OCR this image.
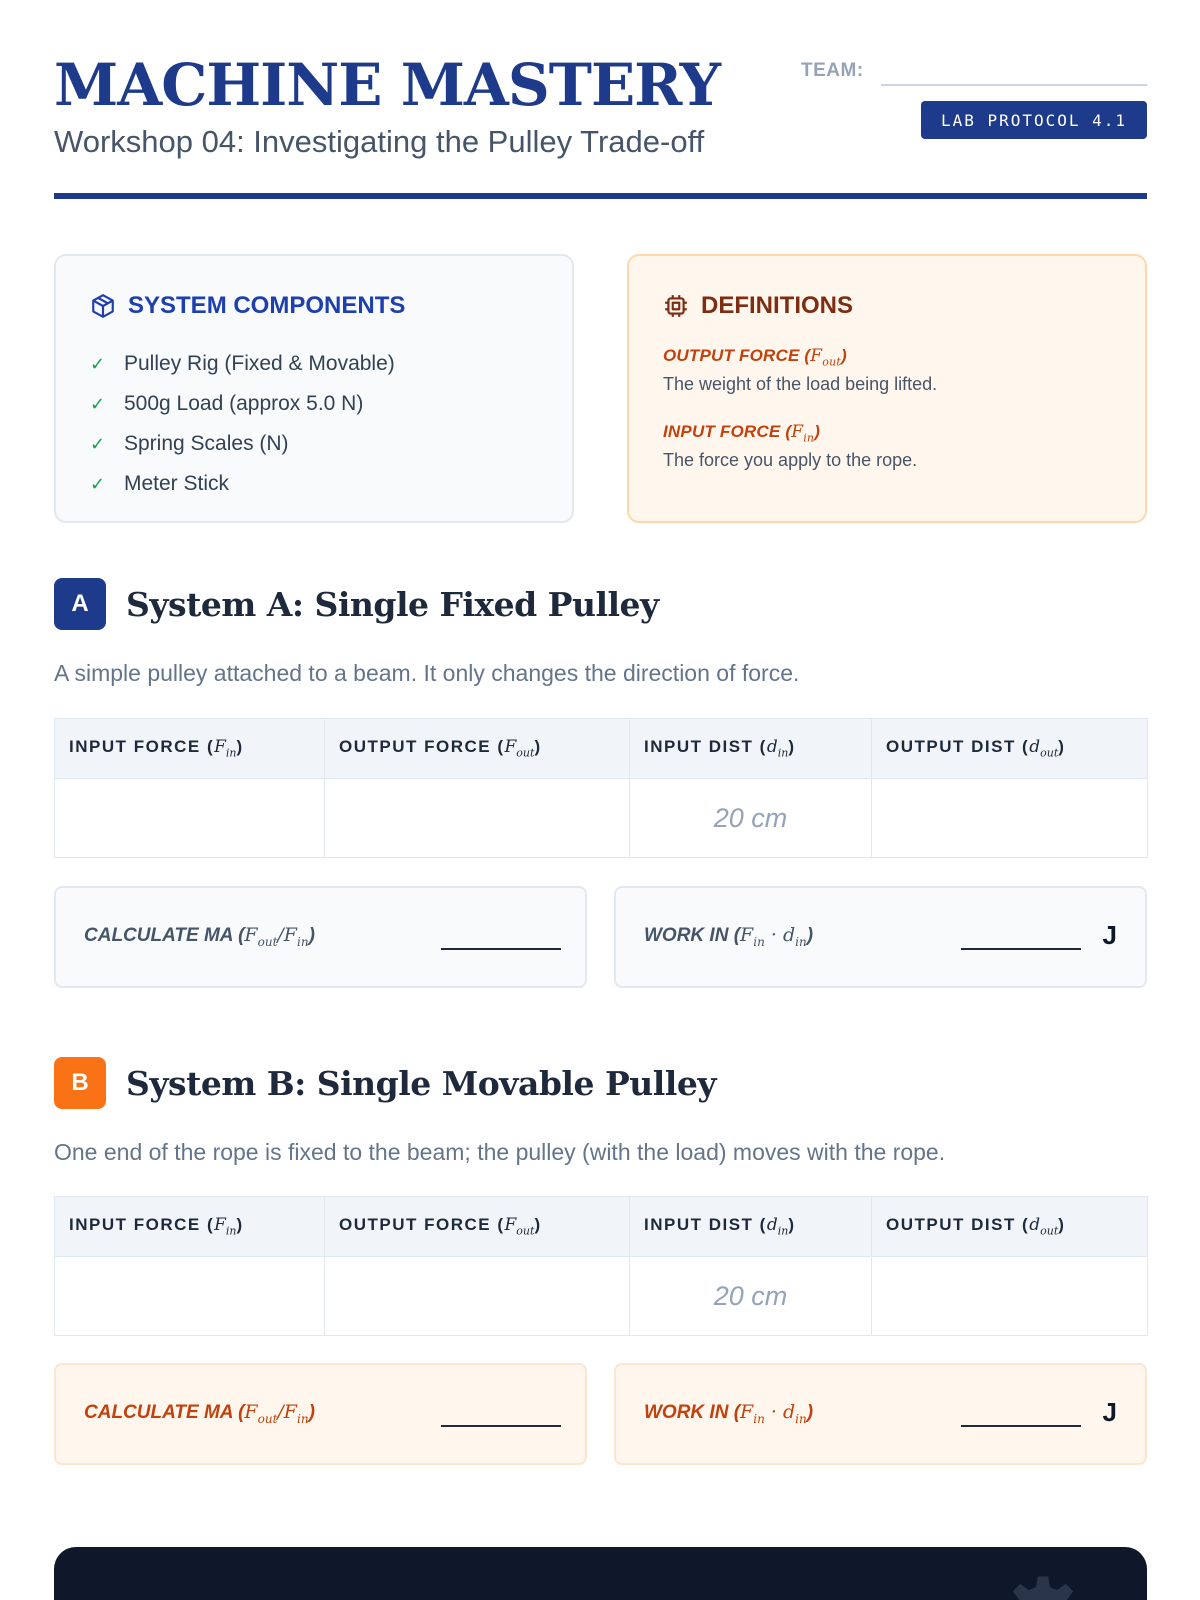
MACHINE MASTERY
Workshop 04: Investigating the Pulley Trade-off
TEAM:
LAB PROTOCOL 4.1
SYSTEM COMPONENTS
✓ Pulley Rig (Fixed & Movable)
✓ 500g Load (approx 5.0 N)
✓ Spring Scales (N)
✓ Meter Stick
DEFINITIONS
OUTPUT FORCE $(F_{out})$
The weight of the load being lifted.
INPUT FORCE $(F_{in})$
The force you apply to the rope.
A	System A: Single Fixed Pulley
A simple pulley attached to a beam. It only changes the direction of force.
INPUT FORCE $(F_{in})$	OUTPUT FORCE $(F_{out})$	INPUT DIST $(d_{in})$	OUTPUT DIST $(d_{out})$
		20 cm	
CALCULATE MA $(F_{out}/F_{in})$	WORK IN $(F_{in} \cdot d_{in})$	J
B	System B: Single Movable Pulley
One end of the rope is fixed to the beam; the pulley (with the load) moves with the rope.
INPUT FORCE $(F_{in})$	OUTPUT FORCE $(F_{out})$	INPUT DIST $(d_{in})$	OUTPUT DIST $(d_{out})$
		20 cm	
CALCULATE MA $(F_{out}/F_{in})$	WORK IN $(F_{in} \cdot d_{in})$	J
